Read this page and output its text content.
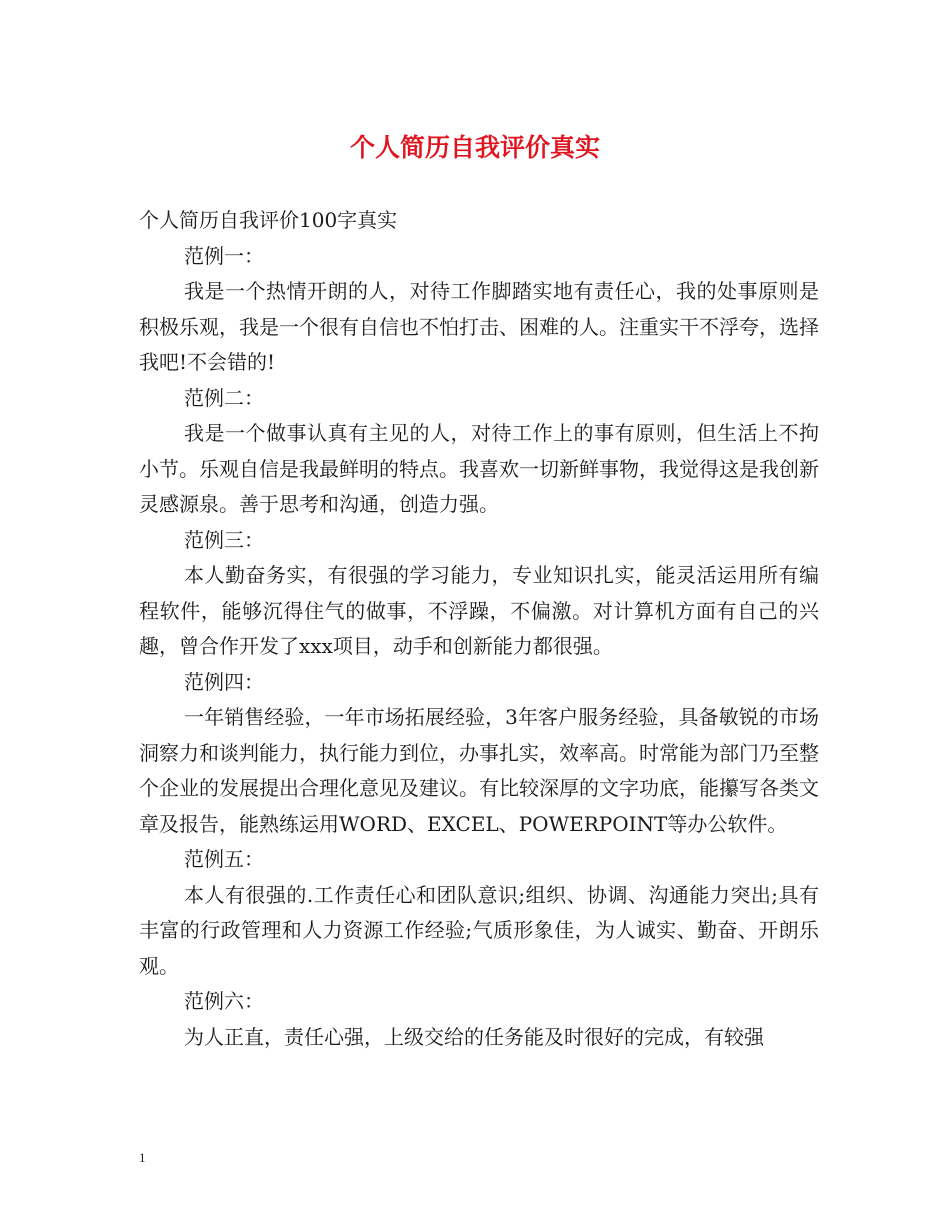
个人简历自我评价真实

个人简历自我评价100字真实

范例一：

我是一个热情开朗的人，对待工作脚踏实地有责任心，我的处事原则是积极乐观，我是一个很有自信也不怕打击、困难的人。注重实干不浮夸，选择我吧!不会错的!

范例二：

我是一个做事认真有主见的人，对待工作上的事有原则，但生活上不拘小节。乐观自信是我最鲜明的特点。我喜欢一切新鲜事物，我觉得这是我创新灵感源泉。善于思考和沟通，创造力强。

范例三：

本人勤奋务实，有很强的学习能力，专业知识扎实，能灵活运用所有编程软件，能够沉得住气的做事，不浮躁，不偏激。对计算机方面有自己的兴趣，曾合作开发了xxx项目，动手和创新能力都很强。

范例四：

一年销售经验，一年市场拓展经验，3年客户服务经验，具备敏锐的市场洞察力和谈判能力，执行能力到位，办事扎实，效率高。时常能为部门乃至整个企业的发展提出合理化意见及建议。有比较深厚的文字功底，能攥写各类文章及报告，能熟练运用WORD、EXCEL、POWERPOINT等办公软件。

范例五：

本人有很强的.工作责任心和团队意识;组织、协调、沟通能力突出;具有丰富的行政管理和人力资源工作经验;气质形象佳，为人诚实、勤奋、开朗乐观。

范例六：

为人正直，责任心强，上级交给的任务能及时很好的完成，有较强

1
